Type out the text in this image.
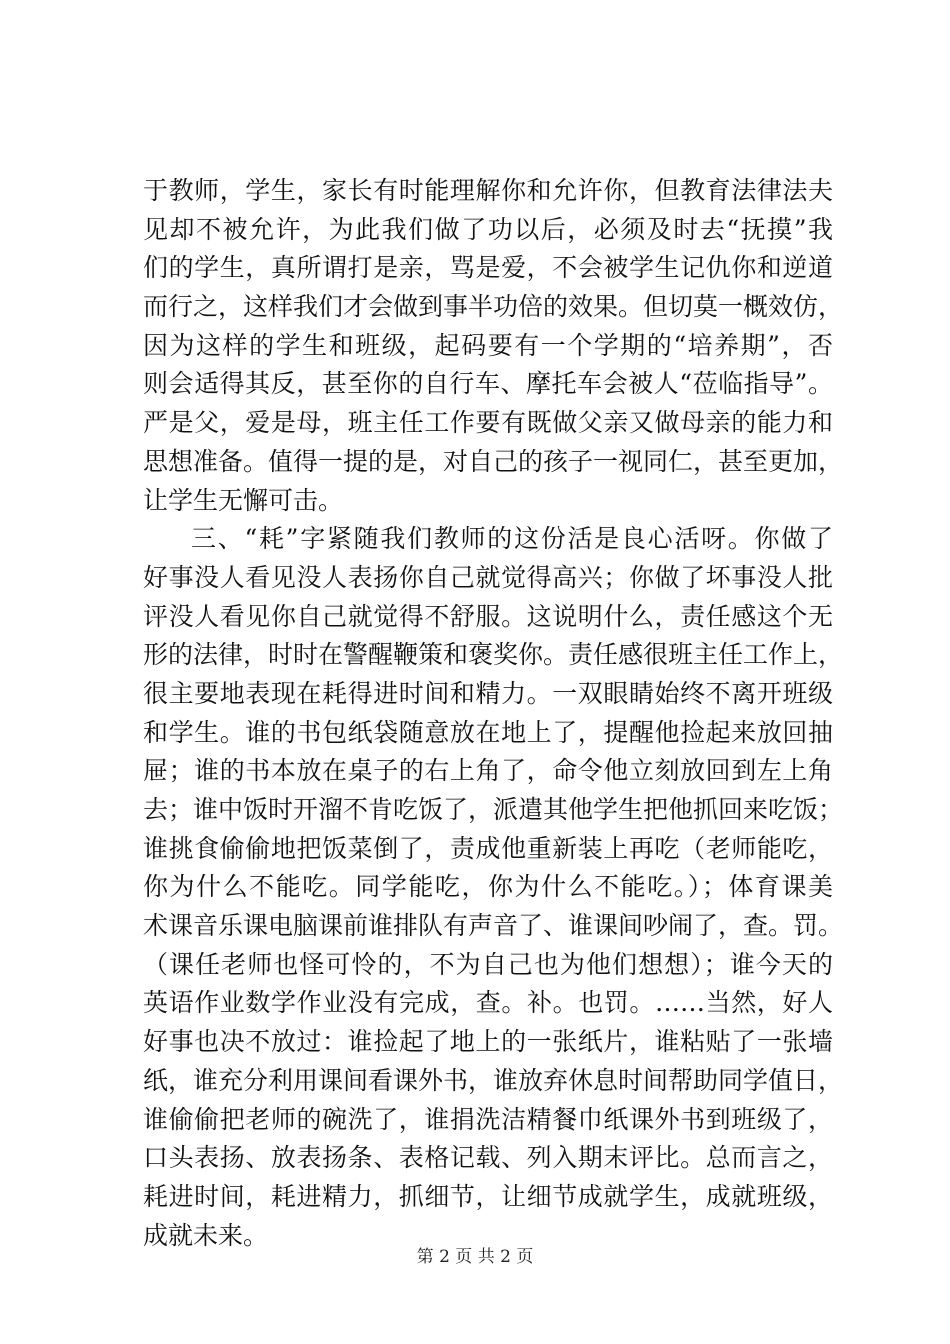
于教师，学生，家长有时能理解你和允许你，但教育法律法夫
见却不被允许，为此我们做了功以后，必须及时去“抚摸”我
们的学生，真所谓打是亲，骂是爱，不会被学生记仇你和逆道
而行之，这样我们才会做到事半功倍的效果。但切莫一概效仿，
因为这样的学生和班级，起码要有一个学期的“培养期”，否
则会适得其反，甚至你的自行车、摩托车会被人“莅临指导”。
严是父，爱是母，班主任工作要有既做父亲又做母亲的能力和
思想准备。值得一提的是，对自己的孩子一视同仁，甚至更加，
让学生无懈可击。
三、“耗”字紧随我们教师的这份活是良心活呀。你做了
好事没人看见没人表扬你自己就觉得高兴；你做了坏事没人批
评没人看见你自己就觉得不舒服。这说明什么，责任感这个无
形的法律，时时在警醒鞭策和褒奖你。责任感很班主任工作上，
很主要地表现在耗得进时间和精力。一双眼睛始终不离开班级
和学生。谁的书包纸袋随意放在地上了，提醒他捡起来放回抽
屉；谁的书本放在桌子的右上角了，命令他立刻放回到左上角
去；谁中饭时开溜不肯吃饭了，派遣其他学生把他抓回来吃饭；
谁挑食偷偷地把饭菜倒了，责成他重新装上再吃（老师能吃，
你为什么不能吃。同学能吃，你为什么不能吃。）；体育课美
术课音乐课电脑课前谁排队有声音了、谁课间吵闹了，查。罚。
（课任老师也怪可怜的，不为自己也为他们想想）；谁今天的
英语作业数学作业没有完成，查。补。也罚。……当然，好人
好事也决不放过：谁捡起了地上的一张纸片，谁粘贴了一张墙
纸，谁充分利用课间看课外书，谁放弃休息时间帮助同学值日，
谁偷偷把老师的碗洗了，谁捐洗洁精餐巾纸课外书到班级了，
口头表扬、放表扬条、表格记载、列入期末评比。总而言之，
耗进时间，耗进精力，抓细节，让细节成就学生，成就班级，
成就未来。
第 2 页 共 2 页
